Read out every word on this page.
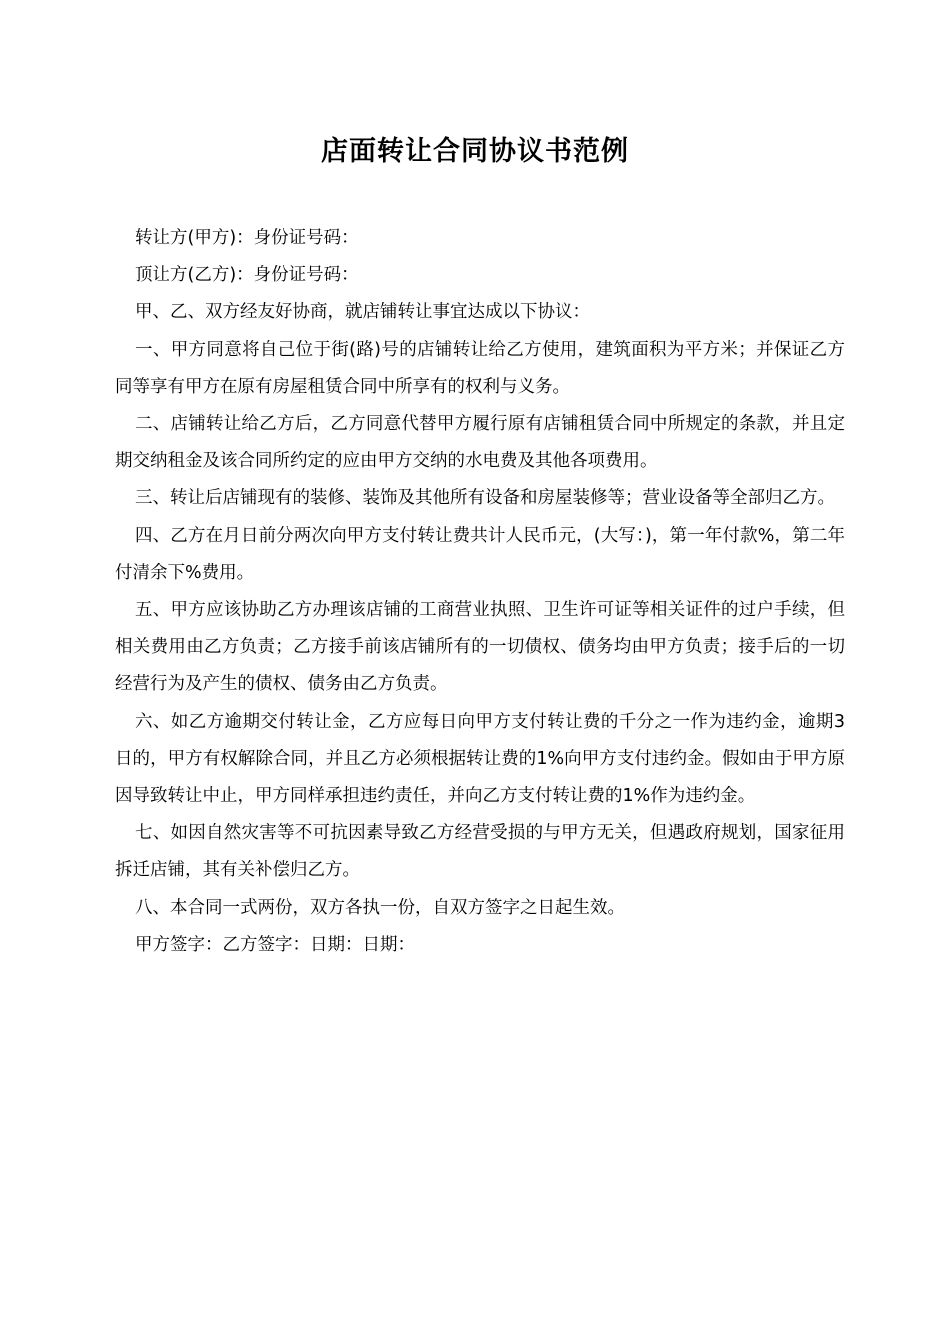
店面转让合同协议书范例

转让方(甲方)：身份证号码：

顶让方(乙方)：身份证号码：

甲、乙、双方经友好协商，就店铺转让事宜达成以下协议：

一、甲方同意将自己位于街(路)号的店铺转让给乙方使用，建筑面积为平方米；并保证乙方同等享有甲方在原有房屋租赁合同中所享有的权利与义务。

二、店铺转让给乙方后，乙方同意代替甲方履行原有店铺租赁合同中所规定的条款，并且定期交纳租金及该合同所约定的应由甲方交纳的水电费及其他各项费用。

三、转让后店铺现有的装修、装饰及其他所有设备和房屋装修等；营业设备等全部归乙方。

四、乙方在月日前分两次向甲方支付转让费共计人民币元，(大写：)，第一年付款%，第二年付清余下%费用。

五、甲方应该协助乙方办理该店铺的工商营业执照、卫生许可证等相关证件的过户手续，但相关费用由乙方负责；乙方接手前该店铺所有的一切债权、债务均由甲方负责；接手后的一切经营行为及产生的债权、债务由乙方负责。

六、如乙方逾期交付转让金，乙方应每日向甲方支付转让费的千分之一作为违约金，逾期3日的，甲方有权解除合同，并且乙方必须根据转让费的1%向甲方支付违约金。假如由于甲方原因导致转让中止，甲方同样承担违约责任，并向乙方支付转让费的1%作为违约金。

七、如因自然灾害等不可抗因素导致乙方经营受损的与甲方无关，但遇政府规划，国家征用拆迁店铺，其有关补偿归乙方。

八、本合同一式两份，双方各执一份，自双方签字之日起生效。

甲方签字：乙方签字：日期：日期：
